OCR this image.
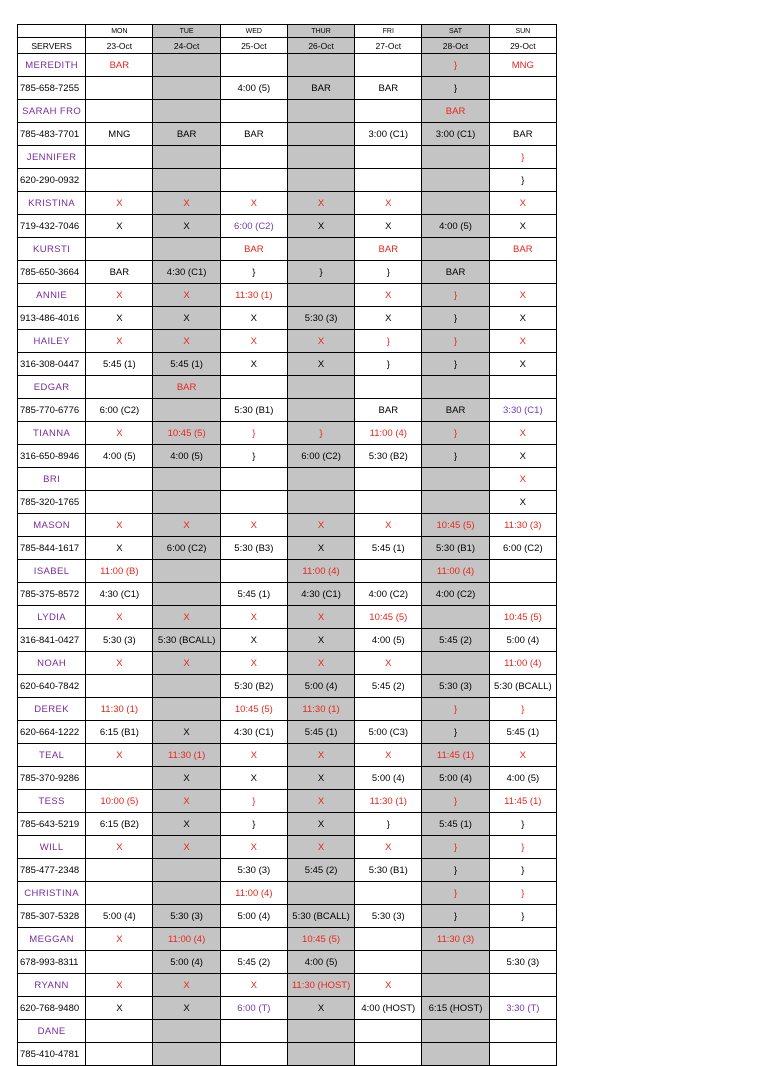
	MON	TUE	WED	THUR	FRI	SAT	SUN
SERVERS	23-Oct	24-Oct	25-Oct	26-Oct	27-Oct	28-Oct	29-Oct
MEREDITH	BAR					}	MNG
785-658-7255			4:00 (5)	BAR	BAR	}	
SARAH FRO						BAR	
785-483-7701	MNG	BAR	BAR		3:00 (C1)	3:00 (C1)	BAR
JENNIFER							}
620-290-0932							}
KRISTINA	X	X	X	X	X		X
719-432-7046	X	X	6:00 (C2)	X	X	4:00 (5)	X
KURSTI			BAR		BAR		BAR
785-650-3664	BAR	4:30 (C1)	}	}	}	BAR	
ANNIE	X	X	11:30 (1)		X	}	X
913-486-4016	X	X	X	5:30 (3)	X	}	X
HAILEY	X	X	X	X	}	}	X
316-308-0447	5:45 (1)	5:45 (1)	X	X	}	}	X
EDGAR		BAR					
785-770-6776	6:00 (C2)		5:30 (B1)		BAR	BAR	3:30 (C1)
TIANNA	X	10:45 (5)	}	}	11:00 (4)	}	X
316-650-8946	4:00 (5)	4:00 (5)	}	6:00 (C2)	5:30 (B2)	}	X
BRI							X
785-320-1765							X
MASON	X	X	X	X	X	10:45 (5)	11:30 (3)
785-844-1617	X	6:00 (C2)	5:30 (B3)	X	5:45 (1)	5:30 (B1)	6:00 (C2)
ISABEL	11:00 (B)			11:00 (4)		11:00 (4)	
785-375-8572	4:30 (C1)		5:45 (1)	4:30 (C1)	4:00 (C2)	4:00 (C2)	
LYDIA	X	X	X	X	10:45 (5)		10:45 (5)
316-841-0427	5:30 (3)	5:30 (BCALL)	X	X	4:00 (5)	5:45 (2)	5:00 (4)
NOAH	X	X	X	X	X		11:00 (4)
620-640-7842			5:30 (B2)	5:00 (4)	5:45 (2)	5:30 (3)	5:30 (BCALL)
DEREK	11:30 (1)		10:45 (5)	11:30 (1)		}	}
620-664-1222	6:15 (B1)	X	4:30 (C1)	5:45 (1)	5:00 (C3)	}	5:45 (1)
TEAL	X	11:30 (1)	X	X	X	11:45 (1)	X
785-370-9286		X	X	X	5:00 (4)	5:00 (4)	4:00 (5)
TESS	10:00 (5)	X	}	X	11:30 (1)	}	11:45 (1)
785-643-5219	6:15 (B2)	X	}	X	}	5:45 (1)	}
WILL	X	X	X	X	X	}	}
785-477-2348			5:30 (3)	5:45 (2)	5:30 (B1)	}	}
CHRISTINA			11:00 (4)			}	}
785-307-5328	5:00 (4)	5:30 (3)	5:00 (4)	5:30 (BCALL)	5:30 (3)	}	}
MEGGAN	X	11:00 (4)		10:45 (5)		11:30 (3)	
678-993-8311		5:00 (4)	5:45 (2)	4:00 (5)			5:30 (3)
RYANN	X	X	X	11:30 (HOST)	X		
620-768-9480	X	X	6:00 (T)	X	4:00 (HOST)	6:15 (HOST)	3:30 (T)
DANE							
785-410-4781							
